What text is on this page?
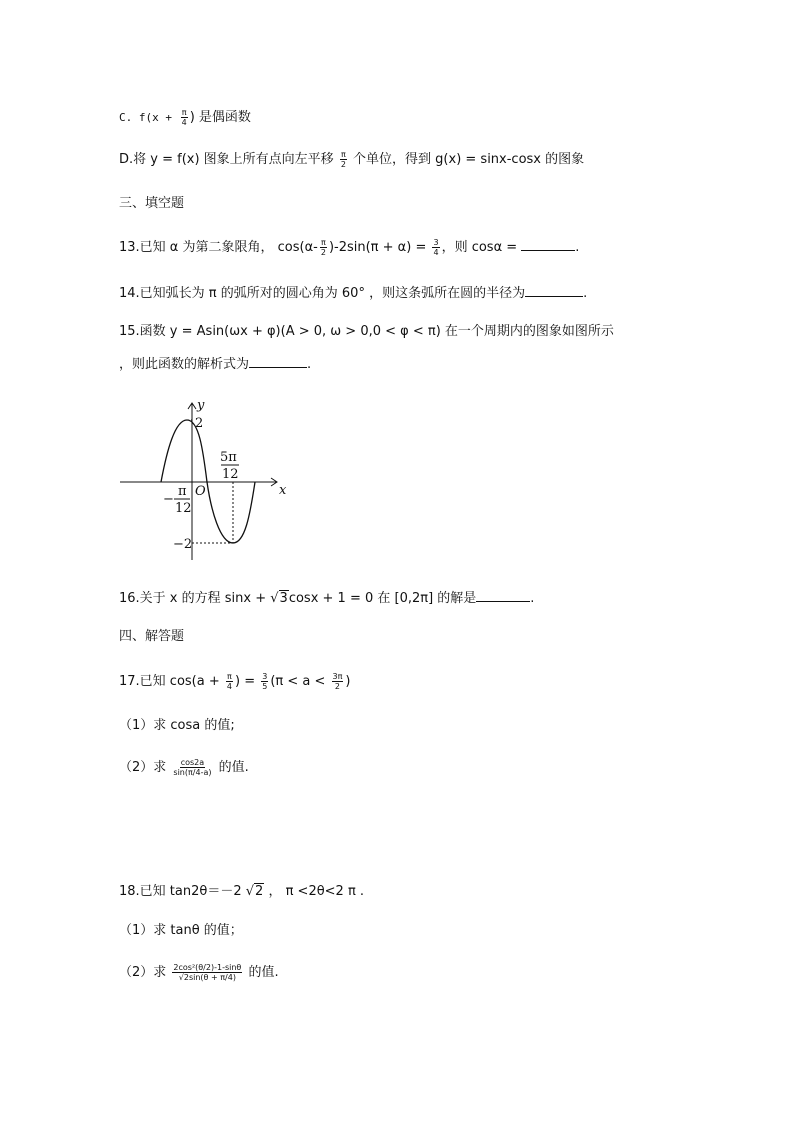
C. $f(x + \frac{\pi}{4}$ ) 是偶函数
D.将 y = f(x) 图象上所有点向左平移 $\frac{\pi}{2}$ 个单位，得到 g(x) = sinx-cosx 的图象
三、填空题
13.已知 α 为第二象限角， $\cos(\alpha- \frac{\pi}{2} )-2\sin(\pi + \alpha) = \frac{3}{4}$ ，则 cosα =	.
14.已知弧长为 π 的弧所对的圆心角为 60° ，则这条弧所在圆的半径为	.
15.函数 y = Asin(ωx + φ)(A > 0, ω > 0,0 < φ < π) 在一个周期内的图象如图所示
，则此函数的解析式为	.
y
x
O
2
−2
5π
12
−
π
12
16.关于 x 的方程 sinx + √3cosx + 1 = 0 在 [0,2π] 的解是	.
四、解答题
17.已知 $\cos(a + \frac{\pi}{4}$ ) = $\frac{3}{5} (\pi < a < \frac{3\pi}{2}$ )
（1）求 cosa 的值;
（2）求 $\frac{\cos 2a}{\sin(\pi/4-a)}$ 的值.
18.已知 tan2θ＝－2 √2 ， π <2θ<2 π .
（1）求 tanθ 的值；
（2）求 $\frac{\text{2cos²(θ/2)-1-sinθ}}{√2\sin(\theta + \pi/4)}$ 的值.
